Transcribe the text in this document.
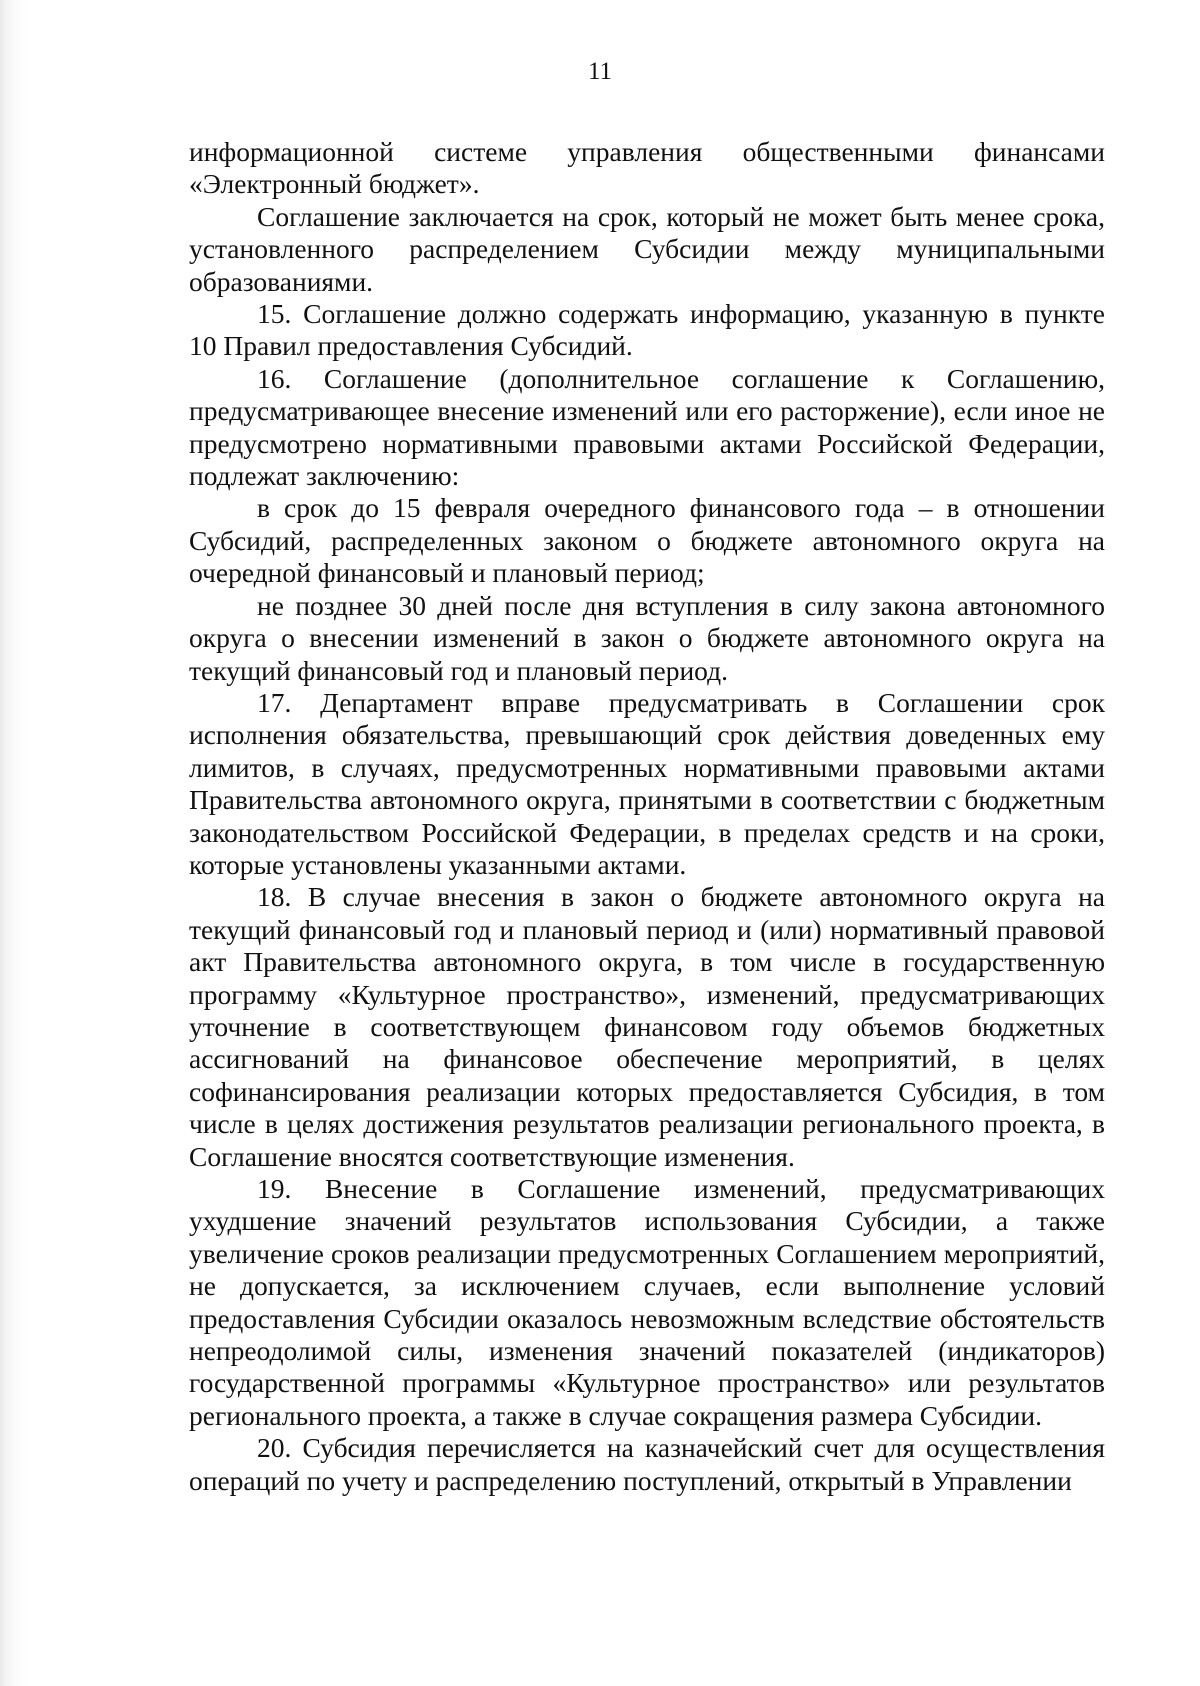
11

информационной системе управления общественными финансами «Электронный бюджет».

Соглашение заключается на срок, который не может быть менее срока, установленного распределением Субсидии между муниципальными образованиями.

15. Соглашение должно содержать информацию, указанную в пункте 10 Правил предоставления Субсидий.

16. Соглашение (дополнительное соглашение к Соглашению, предусматривающее внесение изменений или его расторжение), если иное не предусмотрено нормативными правовыми актами Российской Федерации, подлежат заключению:

в срок до 15 февраля очередного финансового года – в отношении Субсидий, распределенных законом о бюджете автономного округа на очередной финансовый и плановый период;

не позднее 30 дней после дня вступления в силу закона автономного округа о внесении изменений в закон о бюджете автономного округа на текущий финансовый год и плановый период.

17. Департамент вправе предусматривать в Соглашении срок исполнения обязательства, превышающий срок действия доведенных ему лимитов, в случаях, предусмотренных нормативными правовыми актами Правительства автономного округа, принятыми в соответствии с бюджетным законодательством Российской Федерации, в пределах средств и на сроки, которые установлены указанными актами.

18. В случае внесения в закон о бюджете автономного округа на текущий финансовый год и плановый период и (или) нормативный правовой акт Правительства автономного округа, в том числе в государственную программу «Культурное пространство», изменений, предусматривающих уточнение в соответствующем финансовом году объемов бюджетных ассигнований на финансовое обеспечение мероприятий, в целях софинансирования реализации которых предоставляется Субсидия, в том числе в целях достижения результатов реализации регионального проекта, в Соглашение вносятся соответствующие изменения.

19. Внесение в Соглашение изменений, предусматривающих ухудшение значений результатов использования Субсидии, а также увеличение сроков реализации предусмотренных Соглашением мероприятий, не допускается, за исключением случаев, если выполнение условий предоставления Субсидии оказалось невозможным вследствие обстоятельств непреодолимой силы, изменения значений показателей (индикаторов) государственной программы «Культурное пространство» или результатов регионального проекта, а также в случае сокращения размера Субсидии.

20. Субсидия перечисляется на казначейский счет для осуществления операций по учету и распределению поступлений, открытый в Управлении
